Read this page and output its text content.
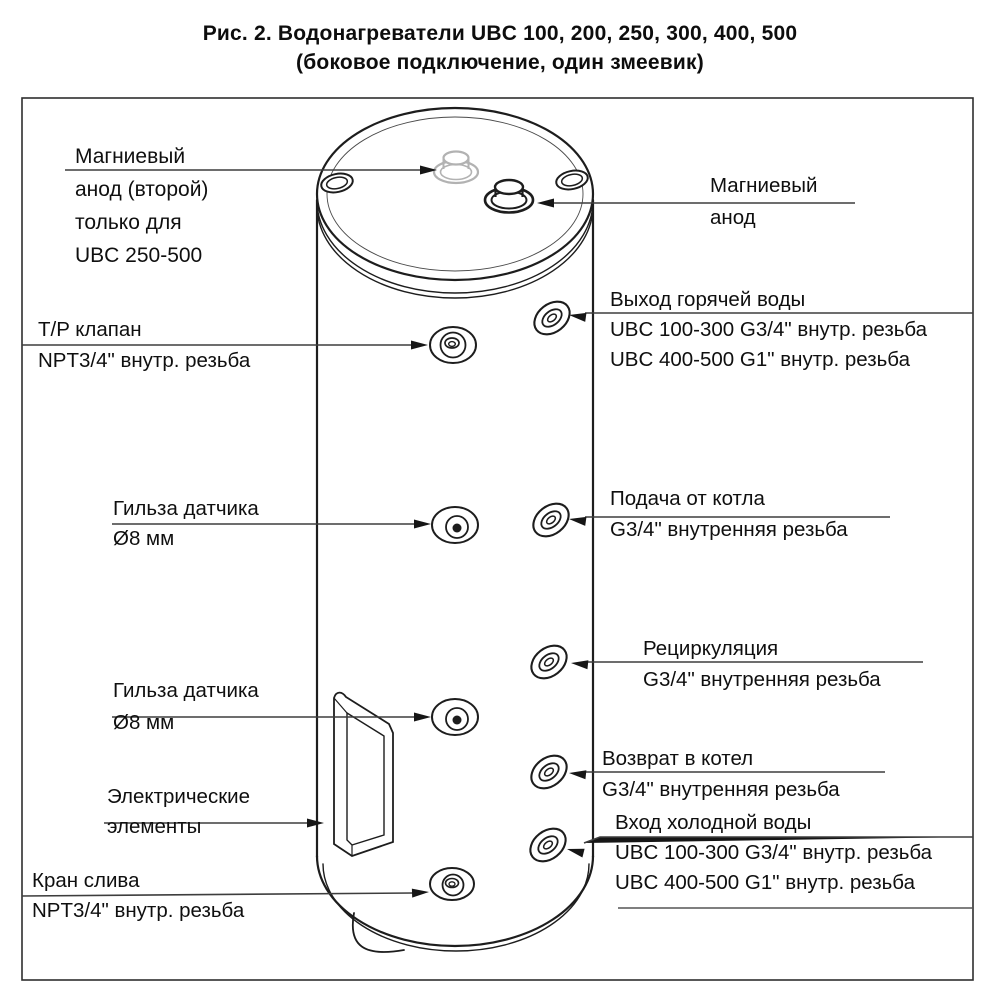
Рис. 2. Водонагреватели UBC 100, 200, 250, 300, 400, 500
(боковое подключение, один змеевик)
Магниевый
анод (второй)
только для
UBC 250-500
T/P клапан
NPT3/4" внутр. резьба
Гильза датчика
Ø8 мм
Гильза датчика
Ø8 мм
Электрические
элементы
Кран слива
NPT3/4" внутр. резьба
Магниевый
анод
Выход горячей воды
UBC 100-300 G3/4" внутр. резьба
UBC 400-500 G1" внутр. резьба
Подача от котла
G3/4" внутренняя резьба
Рециркуляция
G3/4" внутренняя резьба
Возврат в котел
G3/4" внутренняя резьба
Вход холодной воды
UBC 100-300 G3/4" внутр. резьба
UBC 400-500 G1" внутр. резьба
